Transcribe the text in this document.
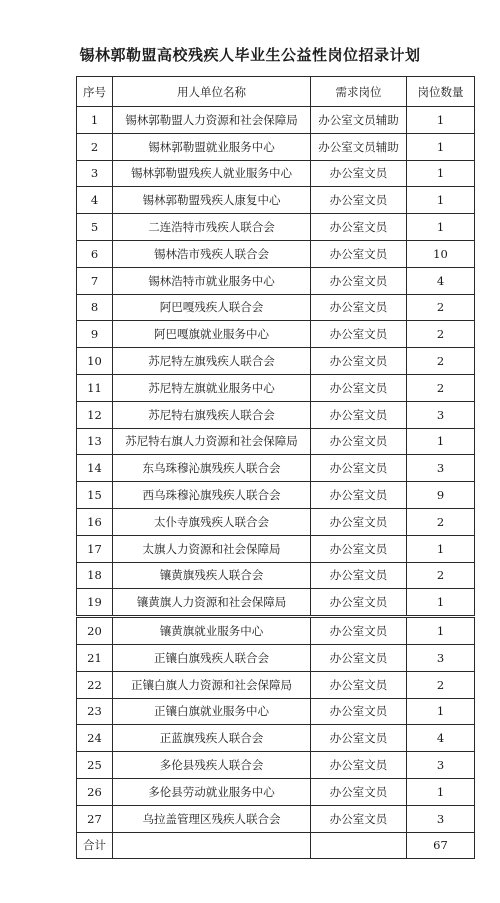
锡林郭勒盟高校残疾人毕业生公益性岗位招录计划
序号	用人单位名称	需求岗位	岗位数量
1	锡林郭勒盟人力资源和社会保障局	办公室文员辅助	1
2	锡林郭勒盟就业服务中心	办公室文员辅助	1
3	锡林郭勒盟残疾人就业服务中心	办公室文员	1
4	锡林郭勒盟残疾人康复中心	办公室文员	1
5	二连浩特市残疾人联合会	办公室文员	1
6	锡林浩市残疾人联合会	办公室文员	10
7	锡林浩特市就业服务中心	办公室文员	4
8	阿巴嘎残疾人联合会	办公室文员	2
9	阿巴嘎旗就业服务中心	办公室文员	2
10	苏尼特左旗残疾人联合会	办公室文员	2
11	苏尼特左旗就业服务中心	办公室文员	2
12	苏尼特右旗残疾人联合会	办公室文员	3
13	苏尼特右旗人力资源和社会保障局	办公室文员	1
14	东乌珠穆沁旗残疾人联合会	办公室文员	3
15	西乌珠穆沁旗残疾人联合会	办公室文员	9
16	太仆寺旗残疾人联合会	办公室文员	2
17	太旗人力资源和社会保障局	办公室文员	1
18	镶黄旗残疾人联合会	办公室文员	2
19	镶黄旗人力资源和社会保障局	办公室文员	1
20	镶黄旗就业服务中心	办公室文员	1
21	正镶白旗残疾人联合会	办公室文员	3
22	正镶白旗人力资源和社会保障局	办公室文员	2
23	正镶白旗就业服务中心	办公室文员	1
24	正蓝旗残疾人联合会	办公室文员	4
25	多伦县残疾人联合会	办公室文员	3
26	多伦县劳动就业服务中心	办公室文员	1
27	乌拉盖管理区残疾人联合会	办公室文员	3
合计			67
